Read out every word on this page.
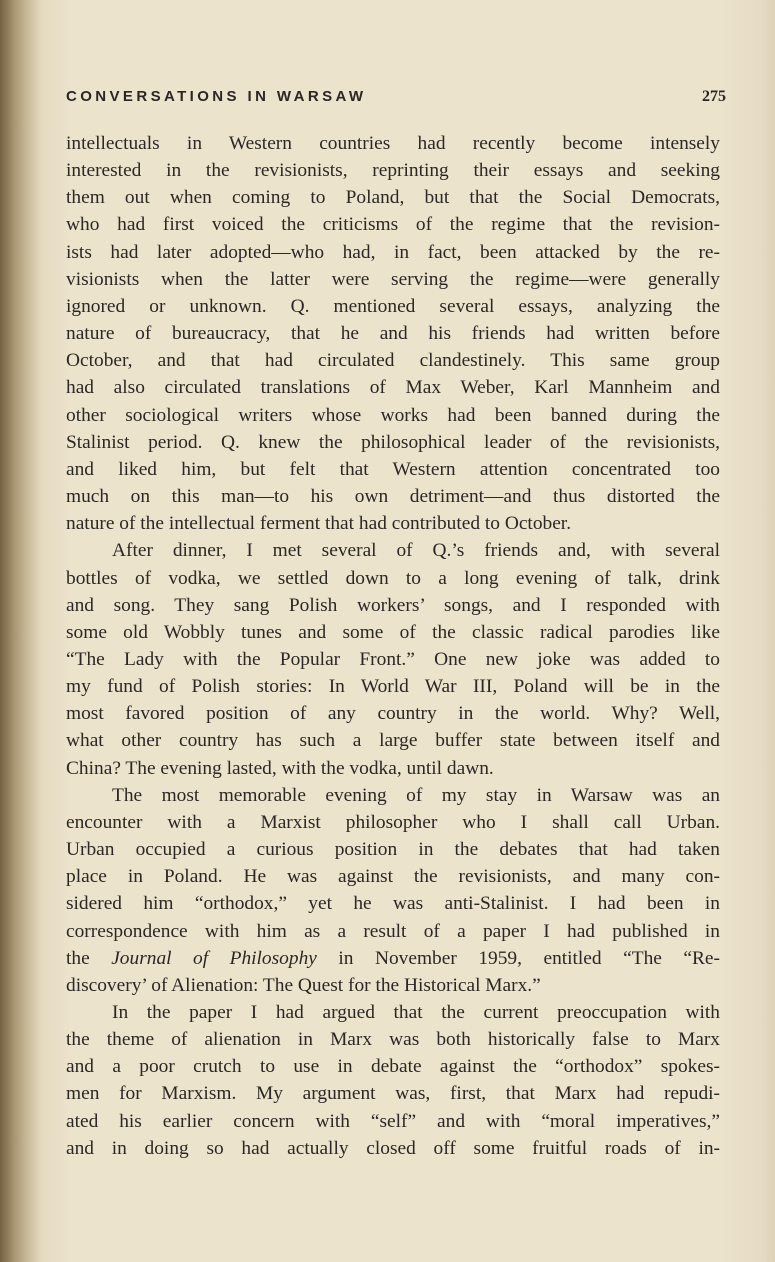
CONVERSATIONS IN WARSAW	275

intellectuals in Western countries had recently become intensely

interested in the revisionists, reprinting their essays and seeking

them out when coming to Poland, but that the Social Democrats,

who had first voiced the criticisms of the regime that the revision-

ists had later adopted—who had, in fact, been attacked by the re-

visionists when the latter were serving the regime—were generally

ignored or unknown. Q. mentioned several essays, analyzing the

nature of bureaucracy, that he and his friends had written before

October, and that had circulated clandestinely. This same group

had also circulated translations of Max Weber, Karl Mannheim and

other sociological writers whose works had been banned during the

Stalinist period. Q. knew the philosophical leader of the revisionists,

and liked him, but felt that Western attention concentrated too

much on this man—to his own detriment—and thus distorted the

nature of the intellectual ferment that had contributed to October.

After dinner, I met several of Q.’s friends and, with several

bottles of vodka, we settled down to a long evening of talk, drink

and song. They sang Polish workers’ songs, and I responded with

some old Wobbly tunes and some of the classic radical parodies like

“The Lady with the Popular Front.” One new joke was added to

my fund of Polish stories: In World War III, Poland will be in the

most favored position of any country in the world. Why? Well,

what other country has such a large buffer state between itself and

China? The evening lasted, with the vodka, until dawn.

The most memorable evening of my stay in Warsaw was an

encounter with a Marxist philosopher who I shall call Urban.

Urban occupied a curious position in the debates that had taken

place in Poland. He was against the revisionists, and many con-

sidered him “orthodox,” yet he was anti-Stalinist. I had been in

correspondence with him as a result of a paper I had published in

the Journal of Philosophy in November 1959, entitled “The “Re-

discovery’ of Alienation: The Quest for the Historical Marx.”

In the paper I had argued that the current preoccupation with

the theme of alienation in Marx was both historically false to Marx

and a poor crutch to use in debate against the “orthodox” spokes-

men for Marxism. My argument was, first, that Marx had repudi-

ated his earlier concern with “self” and with “moral imperatives,”

and in doing so had actually closed off some fruitful roads of in-
